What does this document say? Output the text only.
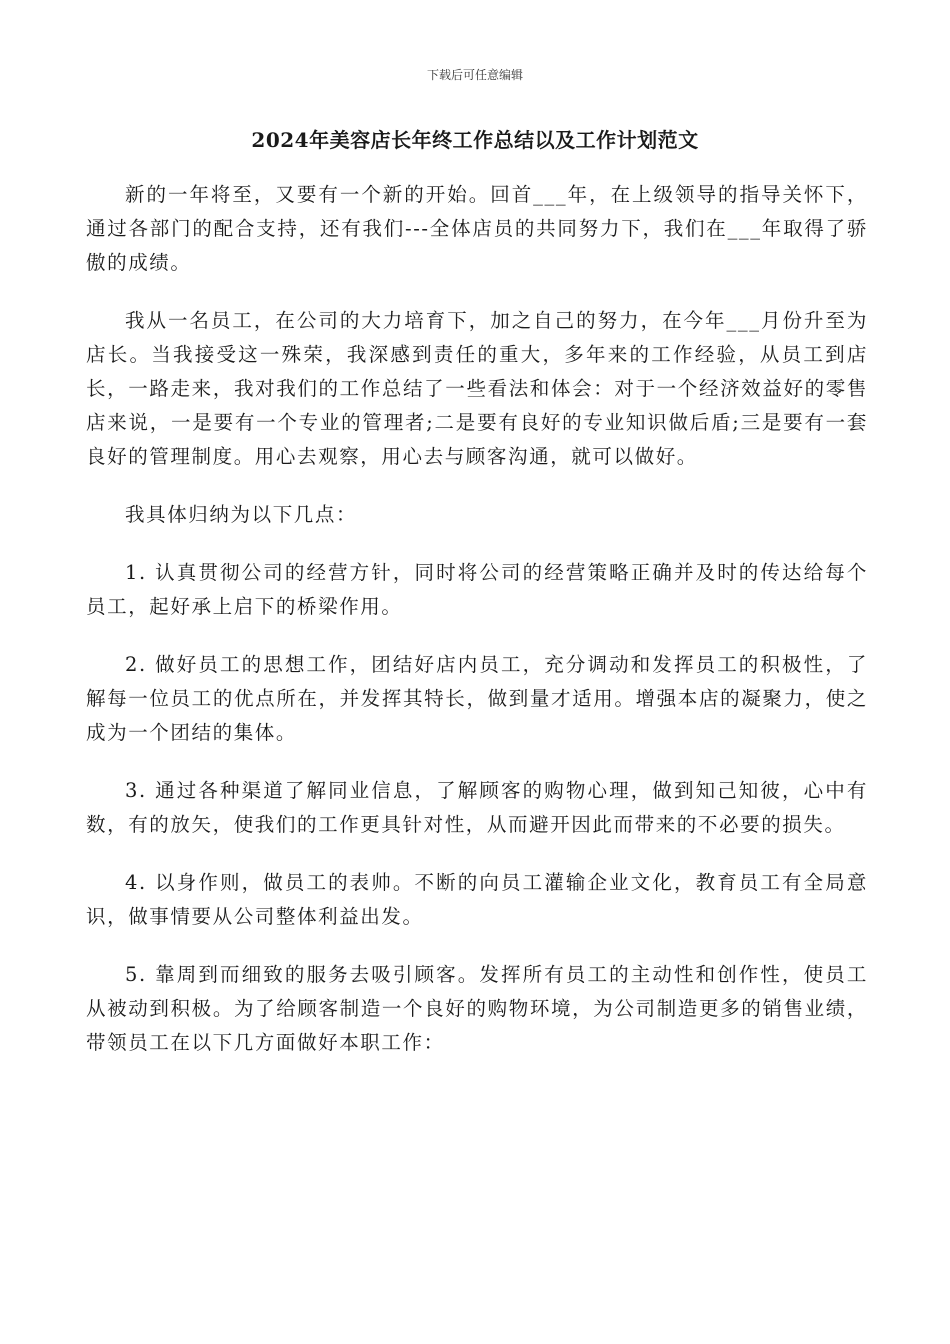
下载后可任意编辑
2024年美容店长年终工作总结以及工作计划范文

新的一年将至，又要有一个新的开始。回首___年，在上级领导的指导关怀下，通过各部门的配合支持，还有我们---全体店员的共同努力下，我们在___年取得了骄傲的成绩。

我从一名员工，在公司的大力培育下，加之自己的努力，在今年___月份升至为店长。当我接受这一殊荣，我深感到责任的重大，多年来的工作经验，从员工到店长，一路走来，我对我们的工作总结了一些看法和体会：对于一个经济效益好的零售店来说，一是要有一个专业的管理者;二是要有良好的专业知识做后盾;三是要有一套良好的管理制度。用心去观察，用心去与顾客沟通，就可以做好。

我具体归纳为以下几点：

1. 认真贯彻公司的经营方针，同时将公司的经营策略正确并及时的传达给每个员工，起好承上启下的桥梁作用。

2. 做好员工的思想工作，团结好店内员工，充分调动和发挥员工的积极性，了解每一位员工的优点所在，并发挥其特长，做到量才适用。增强本店的凝聚力，使之成为一个团结的集体。

3. 通过各种渠道了解同业信息，了解顾客的购物心理，做到知己知彼，心中有数，有的放矢，使我们的工作更具针对性，从而避开因此而带来的不必要的损失。

4. 以身作则，做员工的表帅。不断的向员工灌输企业文化，教育员工有全局意识，做事情要从公司整体利益出发。

5. 靠周到而细致的服务去吸引顾客。发挥所有员工的主动性和创作性，使员工从被动到积极。为了给顾客制造一个良好的购物环境，为公司制造更多的销售业绩，带领员工在以下几方面做好本职工作：
